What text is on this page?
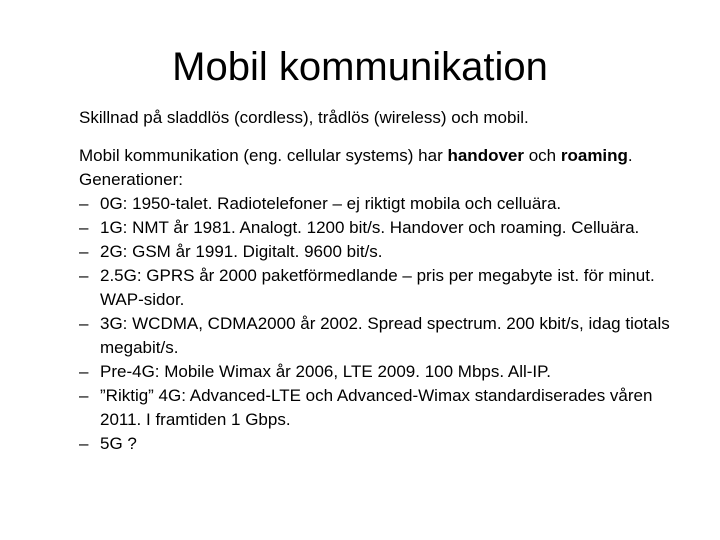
Mobil kommunikation

Skillnad på sladdlös (cordless), trådlös (wireless) och mobil.

Mobil kommunikation (eng. cellular systems) har handover och roaming.

Generationer:

– 0G: 1950-talet. Radiotelefoner – ej riktigt mobila och celluära.
– 1G: NMT år 1981. Analogt. 1200 bit/s. Handover och roaming. Celluära.
– 2G: GSM år 1991. Digitalt. 9600 bit/s.
– 2.5G: GPRS år 2000 paketförmedlande – pris per megabyte ist. för minut. WAP-sidor.
– 3G: WCDMA, CDMA2000 år 2002. Spread spectrum. 200 kbit/s, idag tiotals megabit/s.
– Pre-4G: Mobile Wimax år 2006, LTE 2009. 100 Mbps. All-IP.
– ”Riktig” 4G: Advanced-LTE och Advanced-Wimax standardiserades våren 2011. I framtiden 1 Gbps.
– 5G ?
